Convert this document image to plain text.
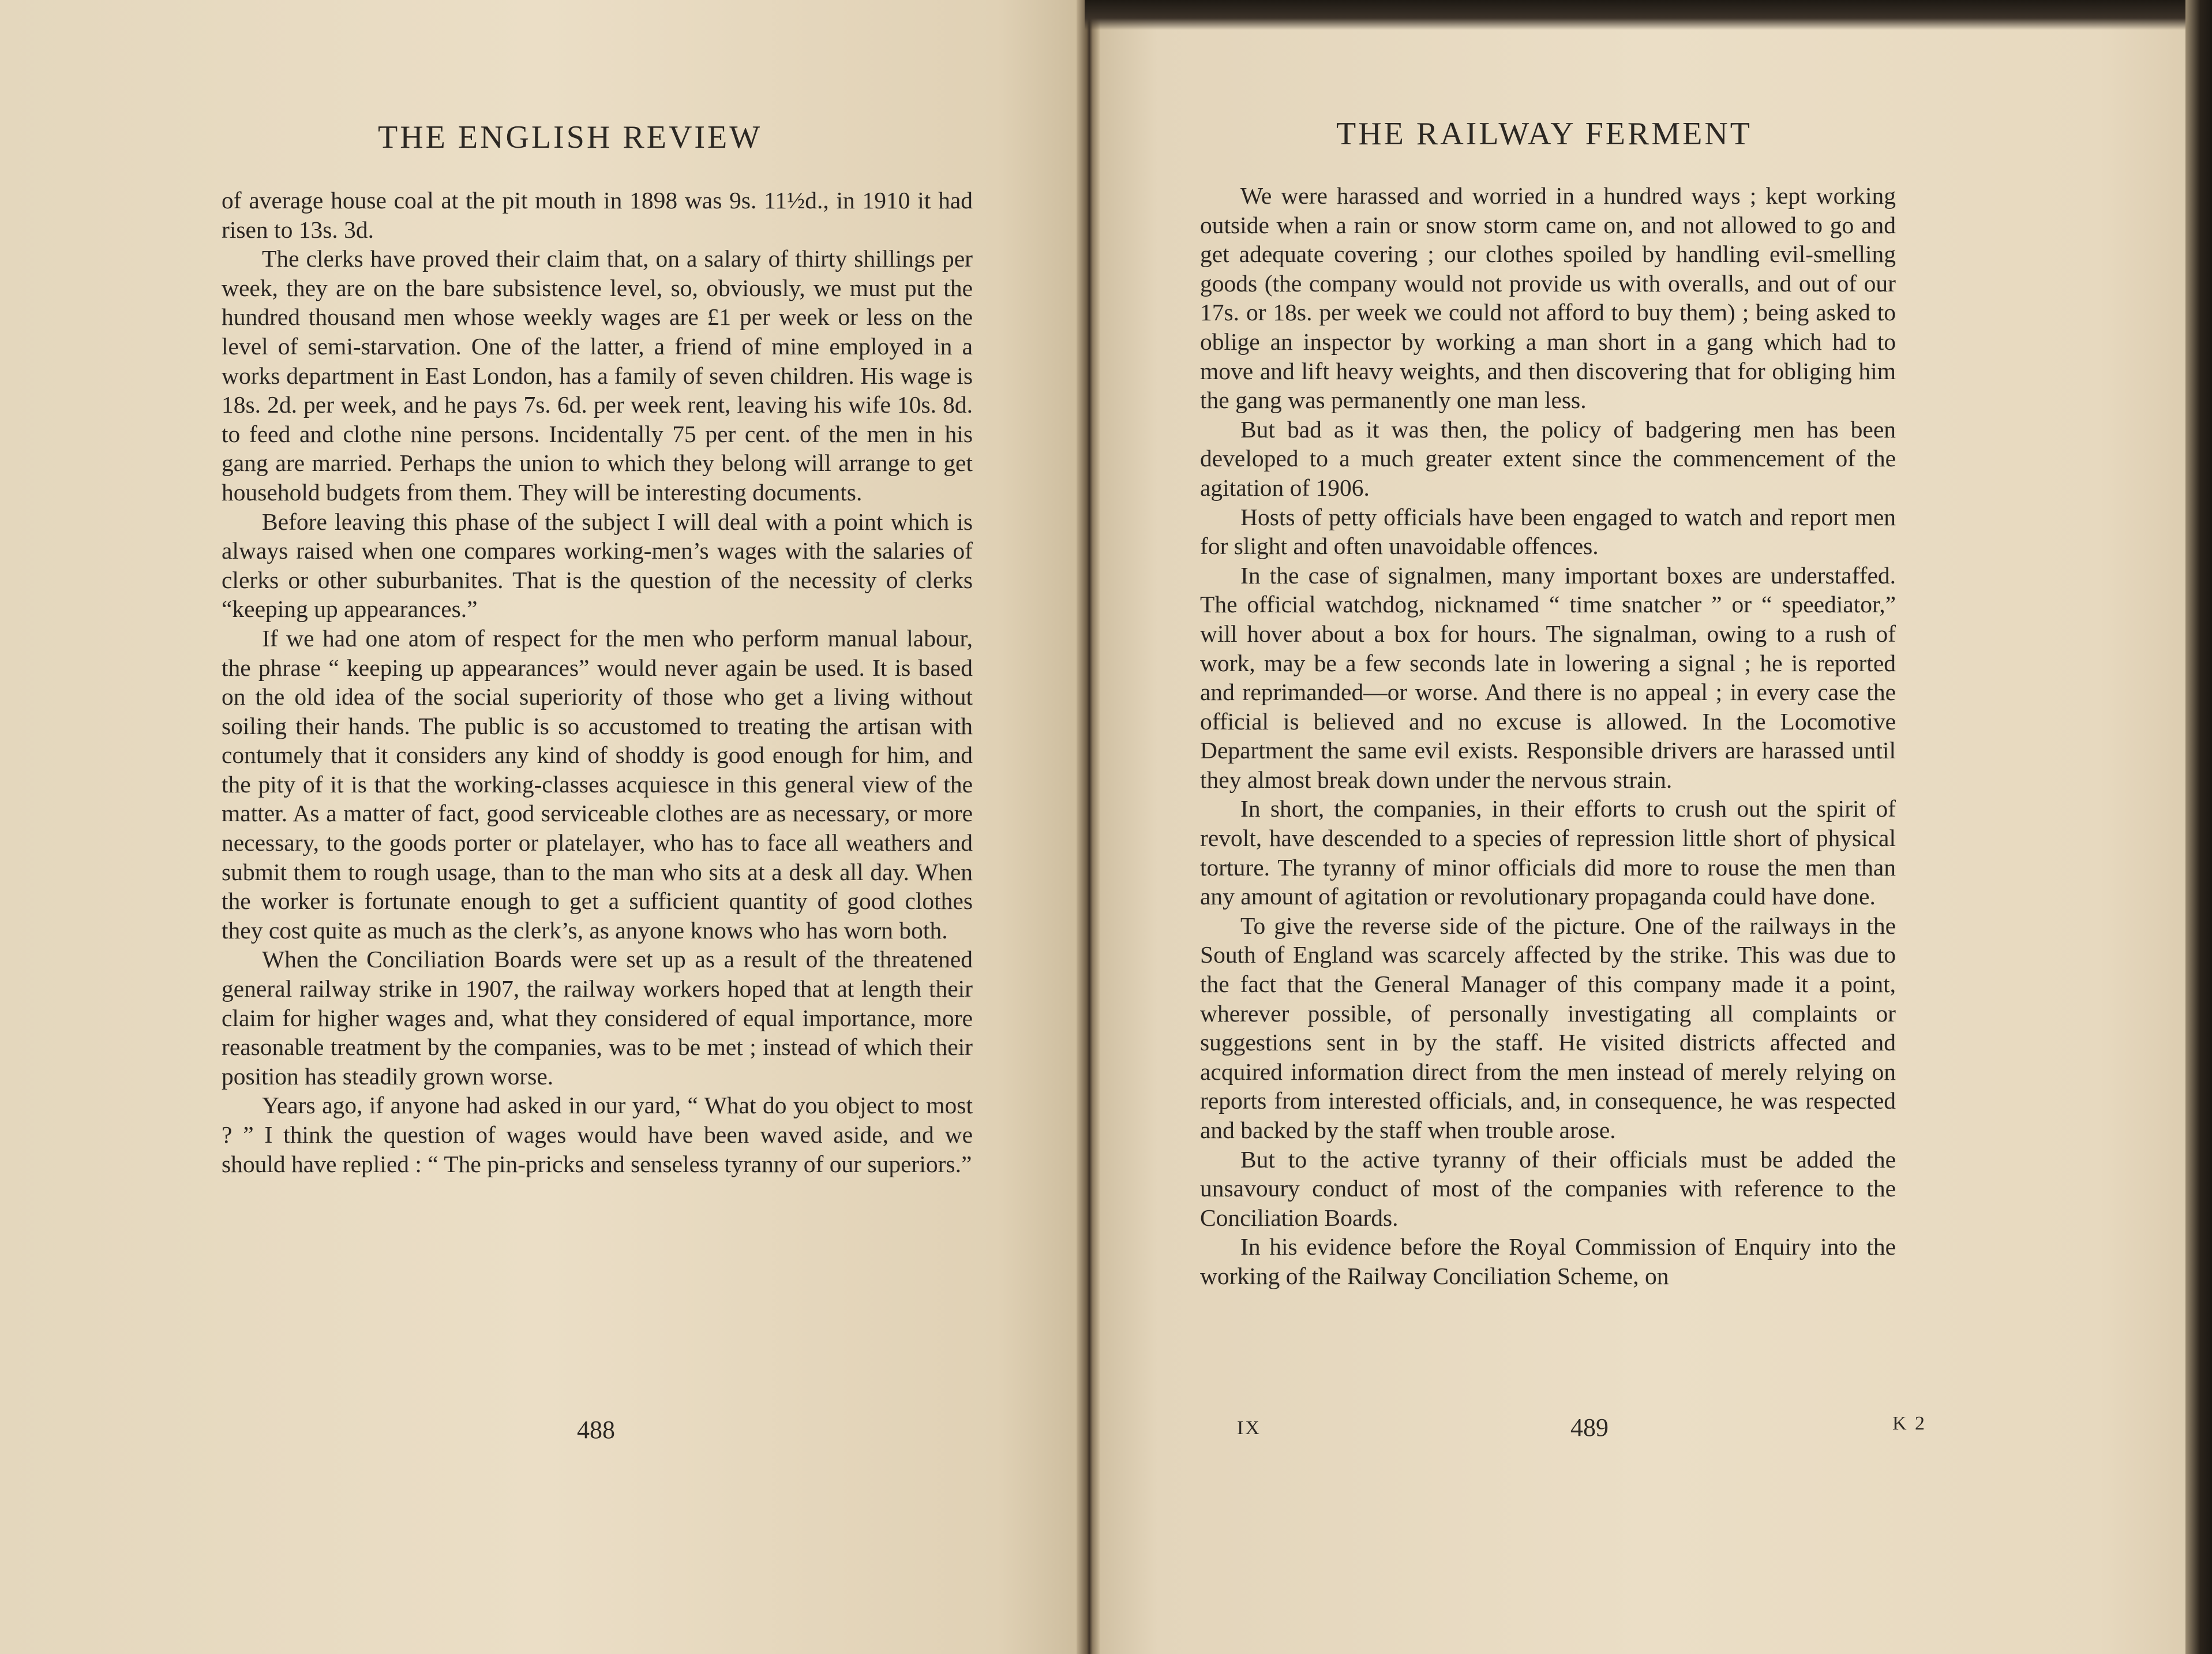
THE ENGLISH REVIEW

of average house coal at the pit mouth in 1898 was 9s. 11½d., in 1910 it had risen to 13s. 3d.

The clerks have proved their claim that, on a salary of thirty shillings per week, they are on the bare subsistence level, so, obviously, we must put the hundred thousand men whose weekly wages are £1 per week or less on the level of semi-starvation. One of the latter, a friend of mine employed in a works department in East London, has a family of seven children. His wage is 18s. 2d. per week, and he pays 7s. 6d. per week rent, leaving his wife 10s. 8d. to feed and clothe nine persons. Incidentally 75 per cent. of the men in his gang are married. Perhaps the union to which they belong will arrange to get household budgets from them. They will be interesting documents.

Before leaving this phase of the subject I will deal with a point which is always raised when one compares working-men’s wages with the salaries of clerks or other suburbanites. That is the question of the necessity of clerks “keeping up appearances.”

If we had one atom of respect for the men who perform manual labour, the phrase “ keeping up appearances” would never again be used. It is based on the old idea of the social superiority of those who get a living without soiling their hands. The public is so accustomed to treating the artisan with contumely that it considers any kind of shoddy is good enough for him, and the pity of it is that the working-classes acquiesce in this general view of the matter. As a matter of fact, good serviceable clothes are as necessary, or more necessary, to the goods porter or platelayer, who has to face all weathers and submit them to rough usage, than to the man who sits at a desk all day. When the worker is fortunate enough to get a sufficient quantity of good clothes they cost quite as much as the clerk’s, as anyone knows who has worn both.

When the Conciliation Boards were set up as a result of the threatened general railway strike in 1907, the railway workers hoped that at length their claim for higher wages and, what they considered of equal importance, more reasonable treatment by the companies, was to be met ; instead of which their position has steadily grown worse.

Years ago, if anyone had asked in our yard, “ What do you object to most ? ” I think the question of wages would have been waved aside, and we should have replied : “ The pin-pricks and senseless tyranny of our superiors.”

488
THE RAILWAY FERMENT

We were harassed and worried in a hundred ways ; kept working outside when a rain or snow storm came on, and not allowed to go and get adequate covering ; our clothes spoiled by handling evil-smelling goods (the company would not provide us with overalls, and out of our 17s. or 18s. per week we could not afford to buy them) ; being asked to oblige an inspector by working a man short in a gang which had to move and lift heavy weights, and then discovering that for obliging him the gang was permanently one man less.

But bad as it was then, the policy of badgering men has been developed to a much greater extent since the commencement of the agitation of 1906.

Hosts of petty officials have been engaged to watch and report men for slight and often unavoidable offences.

In the case of signalmen, many important boxes are understaffed. The official watchdog, nicknamed “ time snatcher ” or “ speediator,” will hover about a box for hours. The signalman, owing to a rush of work, may be a few seconds late in lowering a signal ; he is reported and reprimanded—or worse. And there is no appeal ; in every case the official is believed and no excuse is allowed. In the Locomotive Department the same evil exists. Responsible drivers are harassed until they almost break down under the nervous strain.

In short, the companies, in their efforts to crush out the spirit of revolt, have descended to a species of repression little short of physical torture. The tyranny of minor officials did more to rouse the men than any amount of agitation or revolutionary propaganda could have done.

To give the reverse side of the picture. One of the railways in the South of England was scarcely affected by the strike. This was due to the fact that the General Manager of this company made it a point, wherever possible, of personally investigating all complaints or suggestions sent in by the staff. He visited districts affected and acquired information direct from the men instead of merely relying on reports from interested officials, and, in consequence, he was respected and backed by the staff when trouble arose.

But to the active tyranny of their officials must be added the unsavoury conduct of most of the companies with reference to the Conciliation Boards.

In his evidence before the Royal Commission of Enquiry into the working of the Railway Conciliation Scheme, on

IX	489	K 2
